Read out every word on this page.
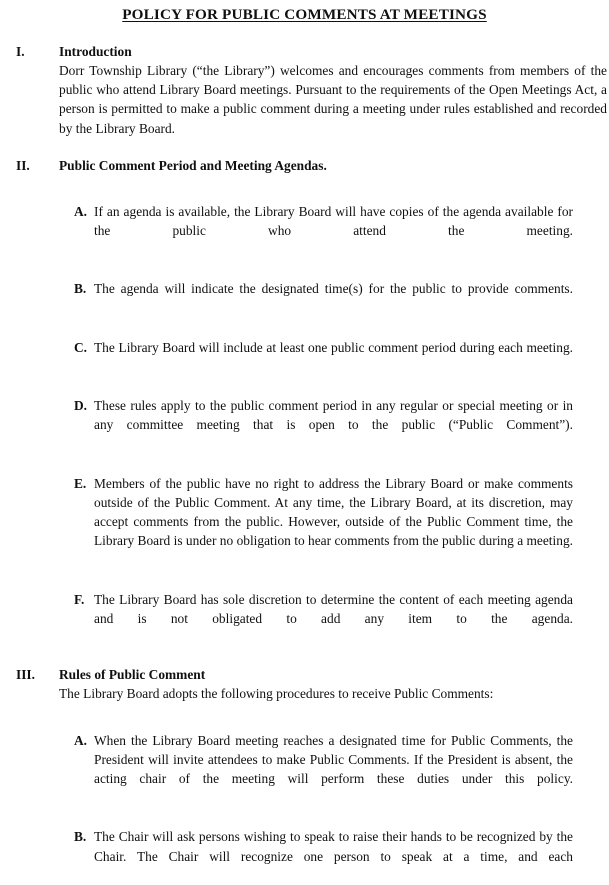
POLICY FOR PUBLIC COMMENTS AT MEETINGS
I.	Introduction

Dorr Township Library (“the Library”) welcomes and encourages comments from members of the public who attend Library Board meetings. Pursuant to the requirements of the Open Meetings Act, a person is permitted to make a public comment during a meeting under rules established and recorded by the Library Board.

II.	Public Comment Period and Meeting Agendas.
A. If an agenda is available, the Library Board will have copies of the agenda available for the public who attend the meeting.
B. The agenda will indicate the designated time(s) for the public to provide comments.
C. The Library Board will include at least one public comment period during each meeting.
D. These rules apply to the public comment period in any regular or special meeting or in any committee meeting that is open to the public (“Public Comment”).
E. Members of the public have no right to address the Library Board or make comments outside of the Public Comment. At any time, the Library Board, at its discretion, may accept comments from the public. However, outside of the Public Comment time, the Library Board is under no obligation to hear comments from the public during a meeting.
F. The Library Board has sole discretion to determine the content of each meeting agenda and is not obligated to add any item to the agenda.
III.	Rules of Public Comment

The Library Board adopts the following procedures to receive Public Comments:

A. When the Library Board meeting reaches a designated time for Public Comments, the President will invite attendees to make Public Comments. If the President is absent, the acting chair of the meeting will perform these duties under this policy.
B. The Chair will ask persons wishing to speak to raise their hands to be recognized by the Chair. The Chair will recognize one person to speak at a time, and each
